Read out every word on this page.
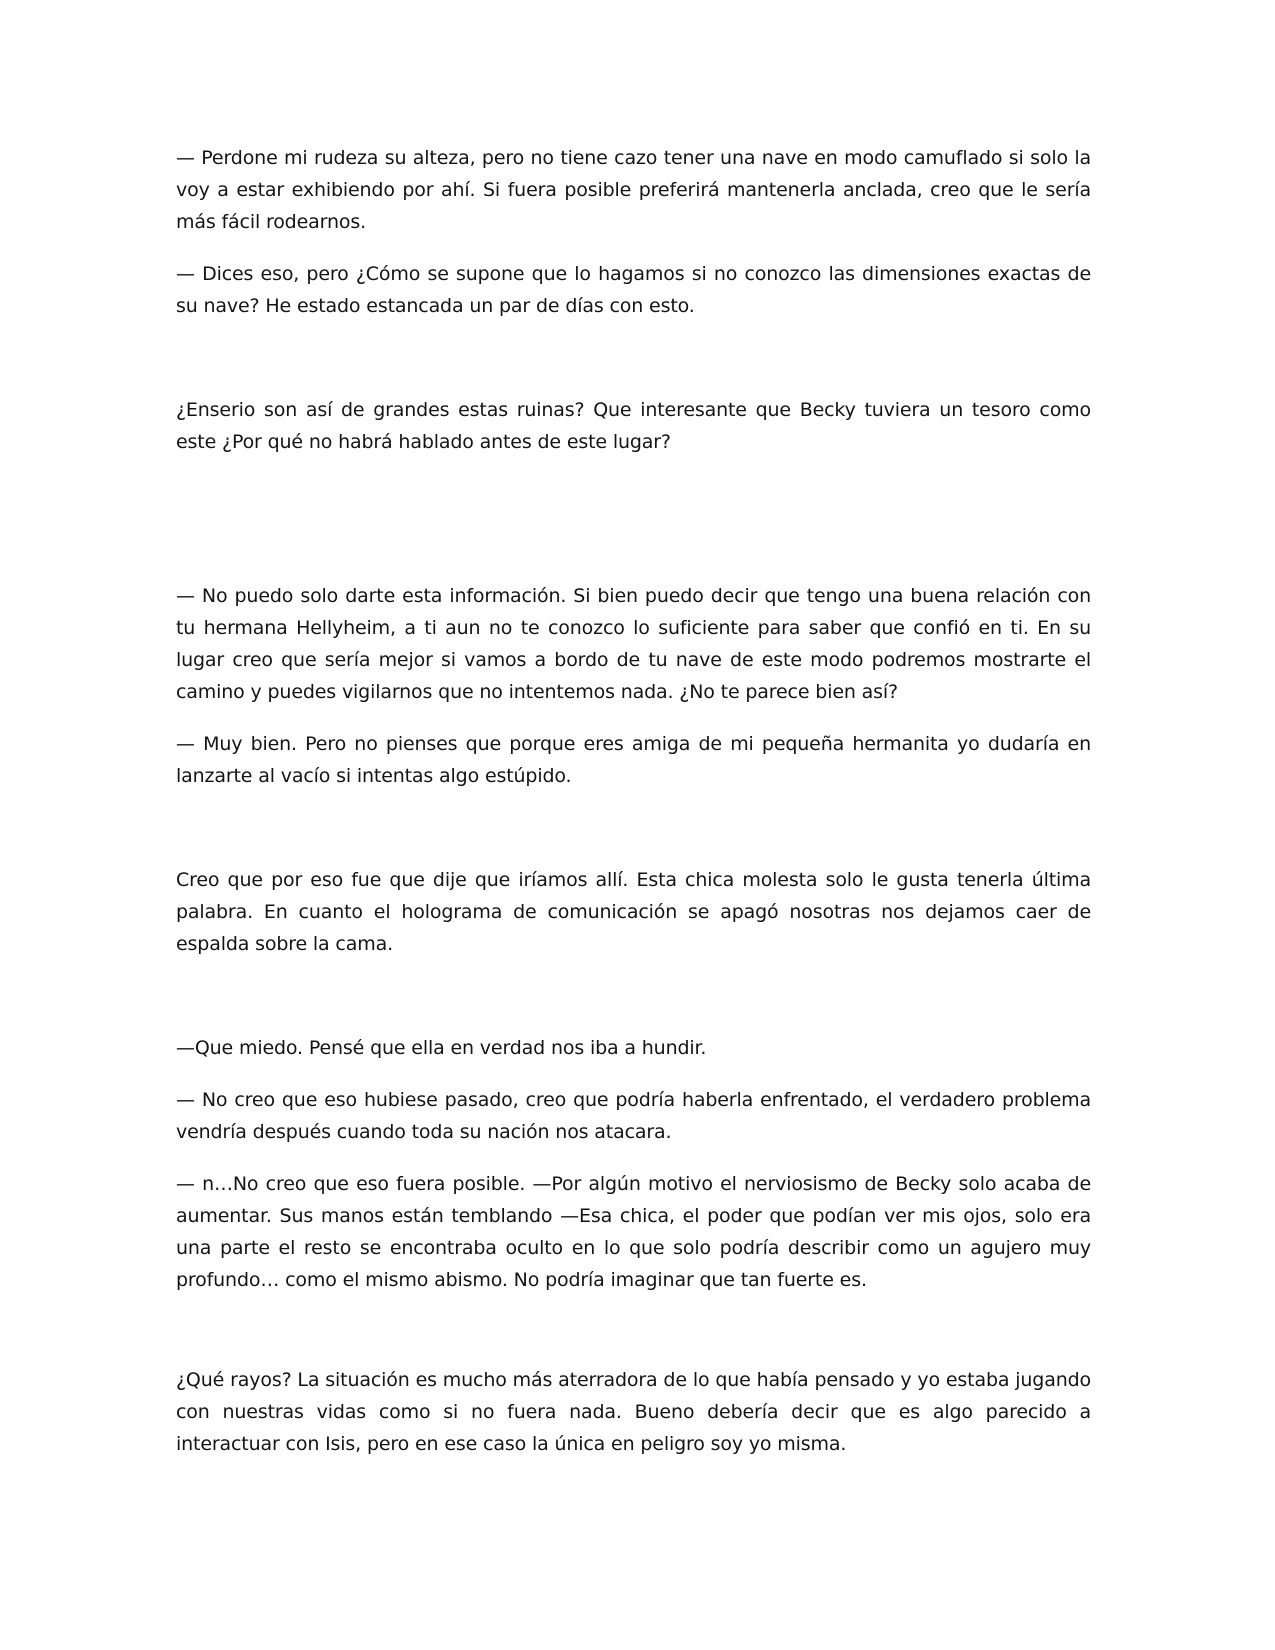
— Perdone mi rudeza su alteza, pero no tiene cazo tener una nave en modo camuflado si solo la voy a estar exhibiendo por ahí. Si fuera posible preferirá mantenerla anclada, creo que le sería más fácil rodearnos.

— Dices eso, pero ¿Cómo se supone que lo hagamos si no conozco las dimensiones exactas de su nave? He estado estancada un par de días con esto.

¿Enserio son así de grandes estas ruinas? Que interesante que Becky tuviera un tesoro como este ¿Por qué no habrá hablado antes de este lugar?

— No puedo solo darte esta información. Si bien puedo decir que tengo una buena relación con tu hermana Hellyheim, a ti aun no te conozco lo suficiente para saber que confió en ti. En su lugar creo que sería mejor si vamos a bordo de tu nave de este modo podremos mostrarte el camino y puedes vigilarnos que no intentemos nada. ¿No te parece bien así?

— Muy bien. Pero no pienses que porque eres amiga de mi pequeña hermanita yo dudaría en lanzarte al vacío si intentas algo estúpido.

Creo que por eso fue que dije que iríamos allí. Esta chica molesta solo le gusta tenerla última palabra. En cuanto el holograma de comunicación se apagó nosotras nos dejamos caer de espalda sobre la cama.

—Que miedo. Pensé que ella en verdad nos iba a hundir.

— No creo que eso hubiese pasado, creo que podría haberla enfrentado, el verdadero problema vendría después cuando toda su nación nos atacara.

— n…No creo que eso fuera posible. —Por algún motivo el nerviosismo de Becky solo acaba de aumentar. Sus manos están temblando —Esa chica, el poder que podían ver mis ojos, solo era una parte el resto se encontraba oculto en lo que solo podría describir como un agujero muy profundo… como el mismo abismo. No podría imaginar que tan fuerte es.

¿Qué rayos? La situación es mucho más aterradora de lo que había pensado y yo estaba jugando con nuestras vidas como si no fuera nada. Bueno debería decir que es algo parecido a interactuar con Isis, pero en ese caso la única en peligro soy yo misma.
